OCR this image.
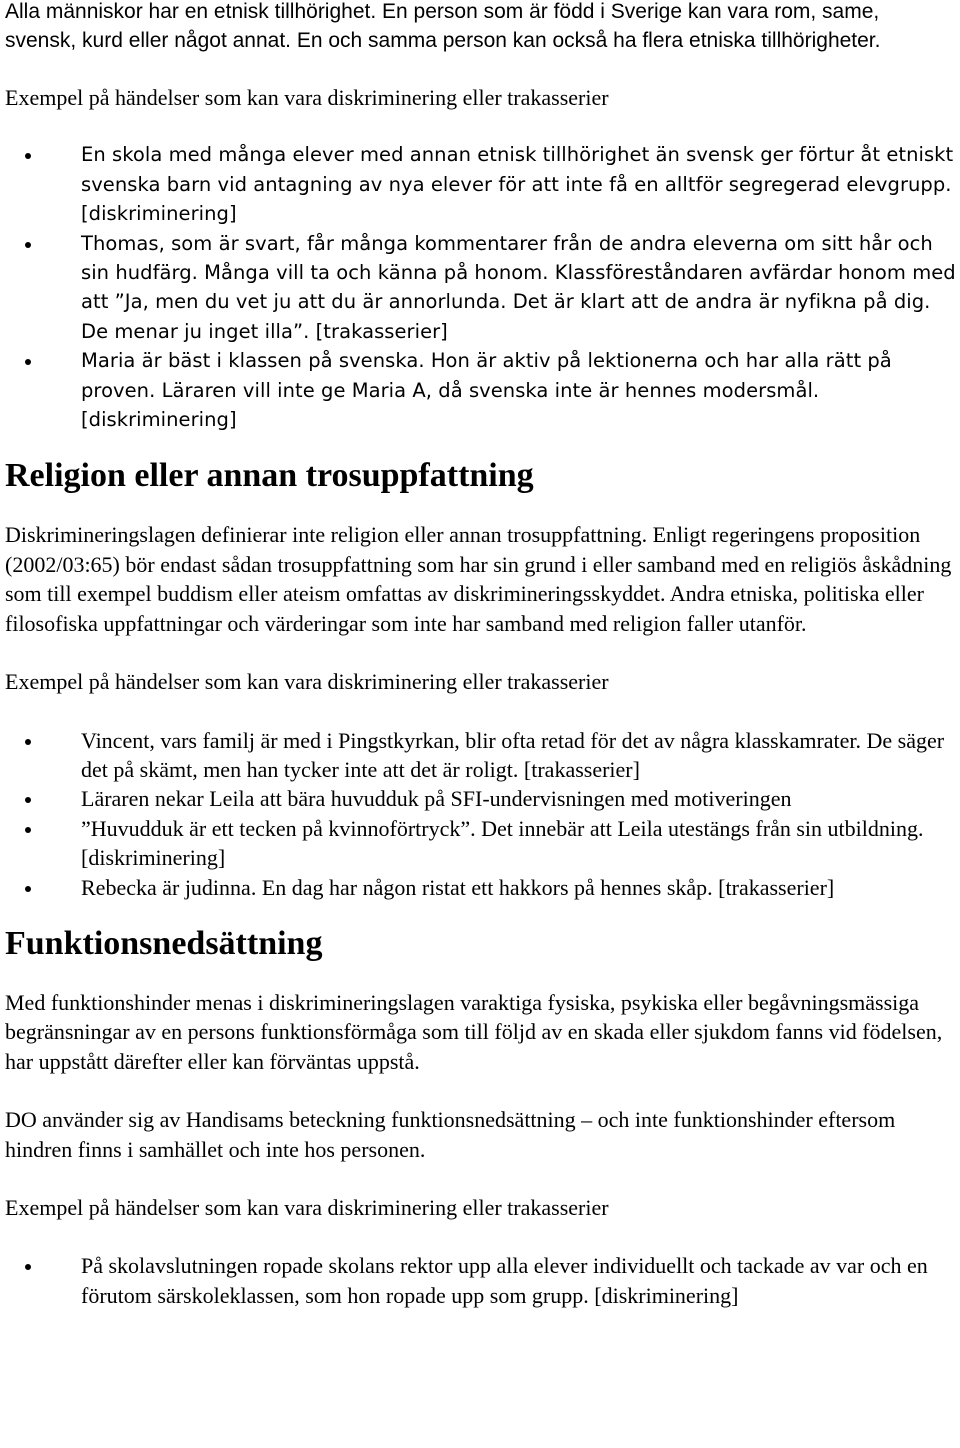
Alla människor har en etnisk tillhörighet. En person som är född i Sverige kan vara rom, same, svensk, kurd eller något annat. En och samma person kan också ha flera etniska tillhörigheter.

Exempel på händelser som kan vara diskriminering eller trakasserier

En skola med många elever med annan etnisk tillhörighet än svensk ger förtur åt etniskt svenska barn vid antagning av nya elever för att inte få en alltför segregerad elevgrupp. [diskriminering]
Thomas, som är svart, får många kommentarer från de andra eleverna om sitt hår och sin hudfärg. Många vill ta och känna på honom. Klassföreståndaren avfärdar honom med att ”Ja, men du vet ju att du är annorlunda. Det är klart att de andra är nyfikna på dig. De menar ju inget illa”. [trakasserier]
Maria är bäst i klassen på svenska. Hon är aktiv på lektionerna och har alla rätt på proven. Läraren vill inte ge Maria A, då svenska inte är hennes modersmål.[diskriminering]
Religion eller annan trosuppfattning

Diskrimineringslagen definierar inte religion eller annan trosuppfattning. Enligt regeringens proposition (2002/03:65) bör endast sådan trosuppfattning som har sin grund i eller samband med en religiös åskådning som till exempel buddism eller ateism omfattas av diskrimineringsskyddet. Andra etniska, politiska eller filosofiska uppfattningar och värderingar som inte har samband med religion faller utanför.

Exempel på händelser som kan vara diskriminering eller trakasserier

Vincent, vars familj är med i Pingstkyrkan, blir ofta retad för det av några klasskamrater. De säger det på skämt, men han tycker inte att det är roligt. [trakasserier]
Läraren nekar Leila att bära huvudduk på SFI-undervisningen med motiveringen
”Huvudduk är ett tecken på kvinnoförtryck”. Det innebär att Leila utestängs från sin utbildning. [diskriminering]
Rebecka är judinna. En dag har någon ristat ett hakkors på hennes skåp. [trakasserier]
Funktionsnedsättning

Med funktionshinder menas i diskrimineringslagen varaktiga fysiska, psykiska eller begåvningsmässiga begränsningar av en persons funktionsförmåga som till följd av en skada eller sjukdom fanns vid födelsen, har uppstått därefter eller kan förväntas uppstå.

DO använder sig av Handisams beteckning funktionsnedsättning – och inte funktionshinder eftersom hindren finns i samhället och inte hos personen.

Exempel på händelser som kan vara diskriminering eller trakasserier

På skolavslutningen ropade skolans rektor upp alla elever individuellt och tackade av var och en förutom särskoleklassen, som hon ropade upp som grupp. [diskriminering]
